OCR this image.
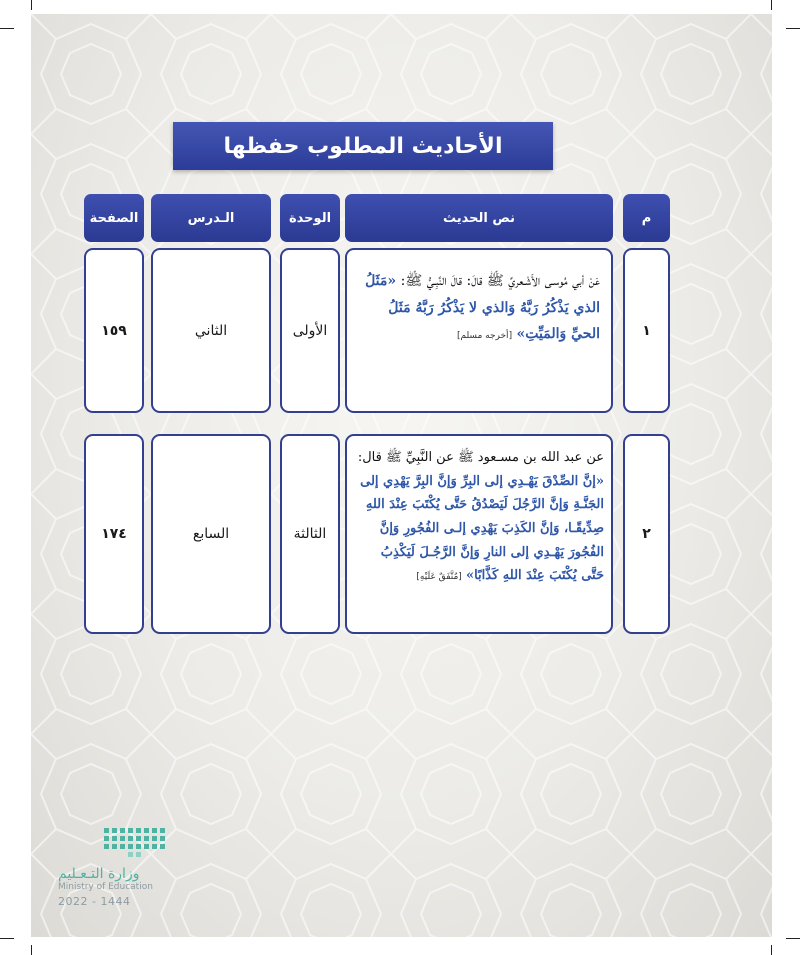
الأحاديث المطلوب حفظها
م
نص الحديث
الوحدة
الـدرس
الصفحة
١
عَنْ أبي مُوسـى الأَشْـعريِّ ﷺ قالَ: قالَ النَّبِـيُّ ﷺ: «مَثَلُ الذي يَذْكُرُ رَبَّهُ وَالذي لا يَذْكُرُ رَبَّهُ مَثَلُ الحيِّ وَالمَيِّتِ» [أخرجه مسلم]
الأولى
الثاني
١٥٩
٢
عن عبد الله بن مسـعود ﷺ عن النَّبِيِّ ﷺ قال: «إنَّ الصِّدْقَ يَهْـدِي إلى البِرِّ وَإنَّ البِرَّ يَهْدِي إلى الجَنَّـةِ وَإنَّ الرَّجُلَ لَيَصْدُقُ حَتَّى يُكْتَبَ عِنْدَ اللهِ صِدِّيقًـا، وَإنَّ الكَذِبَ يَهْدِي إلـى الفُجُورِ وَإنَّ الفُجُورَ يَهْـدِي إلى النارِ وَإنَّ الرَّجُـلَ لَيَكْذِبُ حَتَّى يُكْتَبَ عِنْدَ اللهِ كَذَّابًا» [مُتَّفَقٌ عَلَيْهِ]
الثالثة
السابع
١٧٤
وزارة التـعـليم
Ministry of Education
2022 - 1444
